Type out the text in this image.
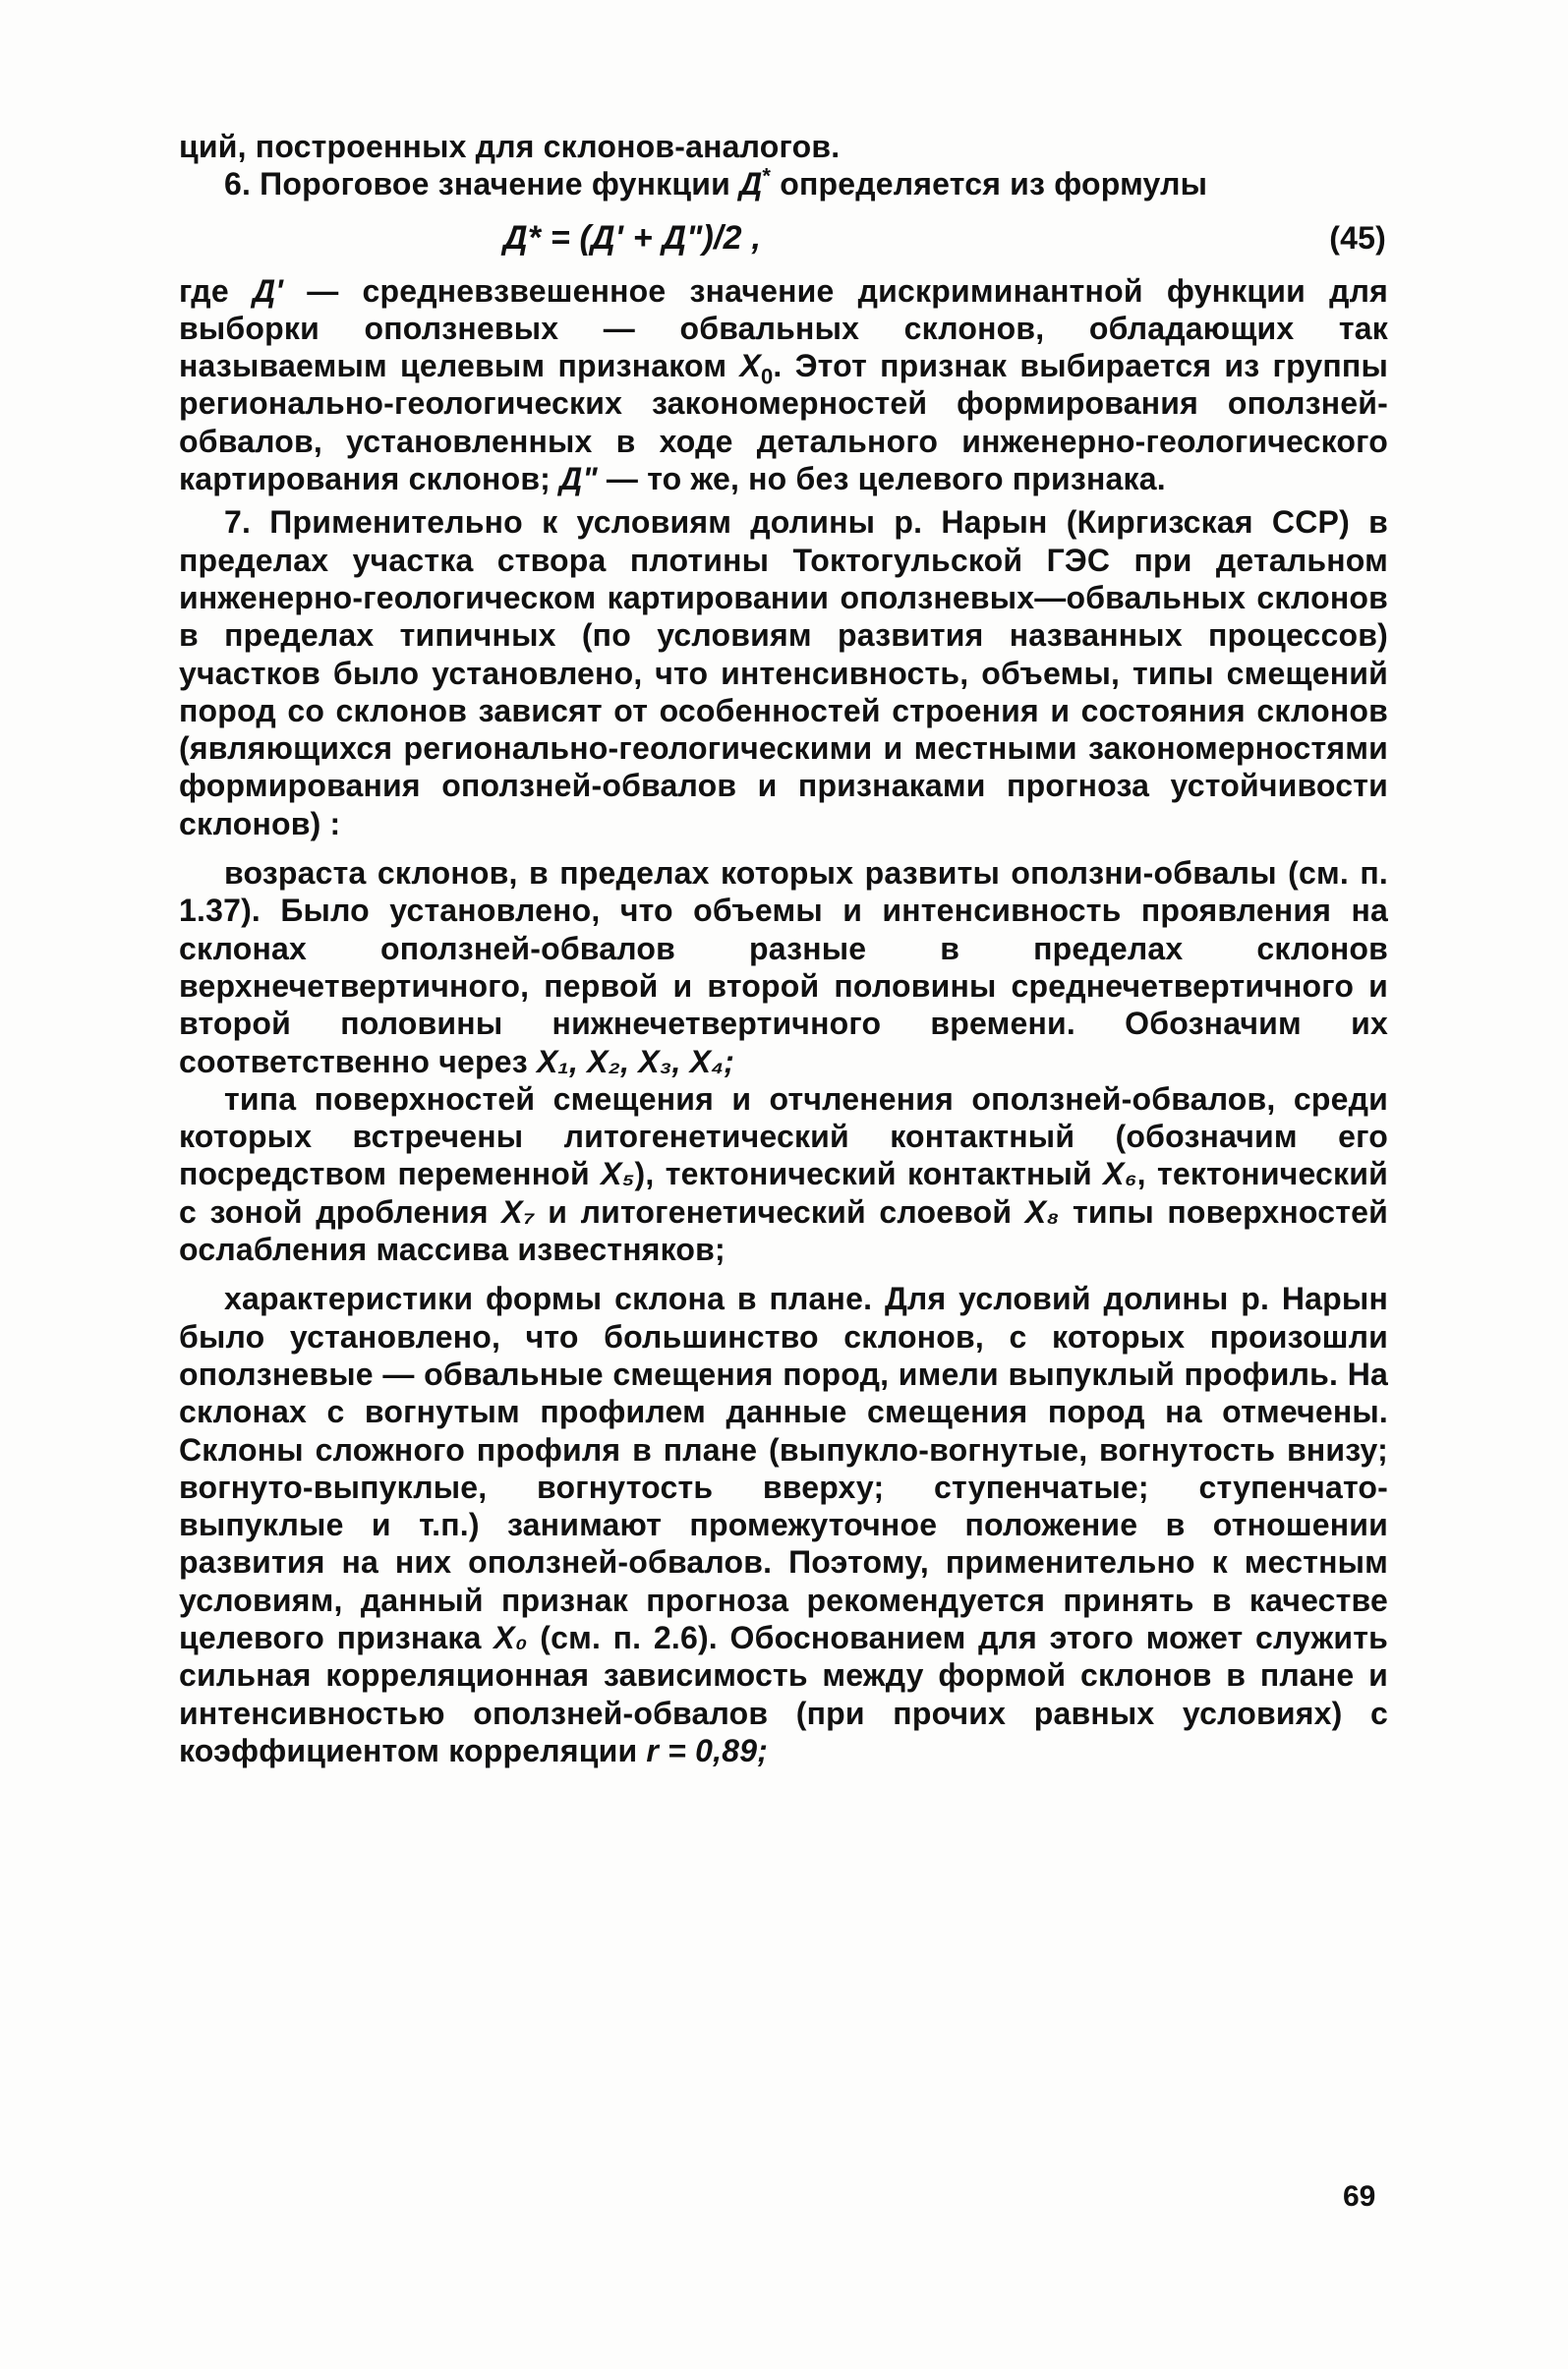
ций, построенных для склонов-аналогов.

6. Пороговое значение функции Д* определяется из формулы

Д* = (Д' + Д")/2 ,	(45)

где Д' — средневзвешенное значение дискриминантной функции для выборки оползневых — обвальных склонов, обладающих так называемым целевым признаком $X_0$. Этот признак выбирается из группы регионально-геологических закономерностей формирования оползней-обвалов, установленных в ходе детального инженерно-геологического картирования склонов; Д" — то же, но без целевого признака.

7. Применительно к условиям долины р. Нарын (Киргизская ССР) в пределах участка створа плотины Токтогульской ГЭС при детальном инженерно-геологическом картировании оползневых—обвальных склонов в пределах типичных (по условиям развития названных процессов) участков было установлено, что интенсивность, объемы, типы смещений пород со склонов зависят от особенностей строения и состояния склонов (являющихся регионально-геологическими и местными закономерностями формирования оползней-обвалов и признаками прогноза устойчивости склонов) :

возраста склонов, в пределах которых развиты оползни-обвалы (см. п. 1.37). Было установлено, что объемы и интенсивность проявления на склонах оползней-обвалов разные в пределах склонов верхнечетвертичного, первой и второй половины среднечетвертичного и второй половины нижнечетвертичного времени. Обозначим их соответственно через X₁, X₂, X₃, X₄;

типа поверхностей смещения и отчленения оползней-обвалов, среди которых встречены литогенетический контактный (обозначим его посредством переменной X₅), тектонический контактный X₆, тектонический с зоной дробления X₇ и литогенетический слоевой X₈ типы поверхностей ослабления массива известняков;

характеристики формы склона в плане. Для условий долины р. Нарын было установлено, что большинство склонов, с которых произошли оползневые — обвальные смещения пород, имели выпуклый профиль. На склонах с вогнутым профилем данные смещения пород на отмечены. Склоны сложного профиля в плане (выпукло-вогнутые, вогнутость внизу; вогнуто-выпуклые, вогнутость вверху; ступенчатые; ступенчато-выпуклые и т.п.) занимают промежуточное положение в отношении развития на них оползней-обвалов. Поэтому, применительно к местным условиям, данный признак прогноза рекомендуется принять в качестве целевого признака X₀ (см. п. 2.6). Обоснованием для этого может служить сильная корреляционная зависимость между формой склонов в плане и интенсивностью оползней-обвалов (при прочих равных условиях) с коэффициентом корреляции r = 0,89;

69
